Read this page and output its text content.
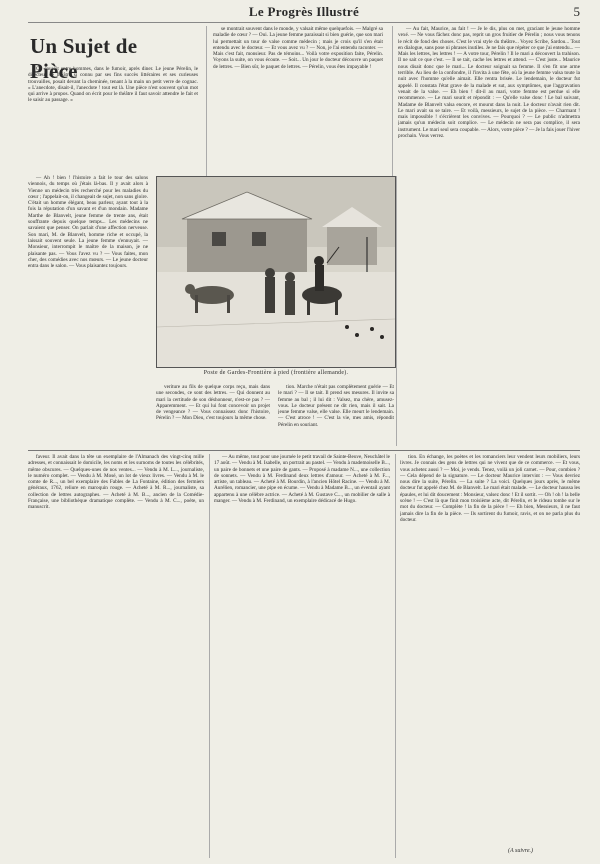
Le Progrès Illustré	5
Un Sujet de Pièce

On causait entre hommes, dans le fumoir, après diner. Le jeune Pérelin, le directeur de théâtre si connu par ses fins succès littéraires et ses curieuses trouvailles, posait devant la cheminée, tenant à la main un petit verre de cognac. « L'anecdote, disait-il, l'anecdote ! tout est là. Une pièce n'est souvent qu'un mot qui arrive à propos. Quand on écrit pour le théâtre il faut savoir attendre le fait et le saisir au passage. »

se montrait souvent dans le monde, y valsait même quelquefois. — Malgré sa maladie de cœur ? — Oui. La jeune femme paraissait si bien guérie, que son mari lui permettait un tour de valse comme médecin ; mais je crois qu'il s'en était entendu avec le docteur. — Et vous avez vu ? — Non, je l'ai entendu raconter. — Mais c'est fait, monsieur. Pas de témoins... Voilà votre exposition faite, Pérelin. Voyons la suite, on vous écoute. — Soit... Un jour le docteur découvre un paquet de lettres. — Bien sûr, le paquet de lettres. — Pérelin, vous êtes impayable !

— Au fait, Maurice, au fait ! — Je le dis, plus on met, graciant le jeune homme vexé. — Ne vous fâchez donc pas, reprit un gros fruitier de Pérelin ; nous vous tenons le récit de fond des choses. C'est le vrai style du théâtre... Voyez Scribe, Sardou... Tout en dialogue, sans pose ni phrases inutiles. Je ne fais que répéter ce que j'ai entendu... — Mais les lettres, les lettres ! — A votre tour, Pérelin ! Il le mari a découvert la trahison. Il ne sait ce que c'est. — Il se tait, cache les lettres et attend. — C'est juste... Maurice nous disait donc que le mari... Le docteur soignait sa femme. Il s'en fit une arme terrible. Au lieu de la confondre, il l'invita à une fête, où la jeune femme valsa toute la nuit avec l'homme qu'elle aimait. Elle rentra brisée. Le lendemain, le docteur fut appelé. Il constata l'état grave de la malade et sut, aux symptômes, que l'aggravation venait de la valse. — Eh bien ! dit-il au mari, votre femme est perdue si elle recommence. — Le mari sourit et répondit : — Qu'elle valse donc ! Le bal suivant, Madame de Blanvelt valsa encore, et mourut dans la nuit. Le docteur n'avait rien dit. Le mari avait su se taire. — Et voilà, messieurs, le sujet de la pièce. — Charmant ! mais impossible ! s'écrièrent les convives. — Pourquoi ? — Le public n'admettra jamais qu'un médecin soit complice. — Le médecin ne sera pas complice, il sera instrument. Le mari seul sera coupable. — Alors, votre pièce ? — Je la fais jouer l'hiver prochain. Vous verrez.

— Ah ! bien ! l'histoire a fait le tour des salons viennois, du temps où j'étais là-bas. Il y avait alors à Vienne un médecin très recherché pour les maladies du cœur ; l'appelait-on, il changeait de sujet, non sans gloire. C'était un homme élégant, beau parleur, ayant tout à la fois la réputation d'un savant et d'un mondain. Madame Marthe de Blanvelt, jeune femme de trente ans, était souffrante depuis quelque temps... Les médecins ne savaient que penser. On parlait d'une affection nerveuse. Son mari, M. de Blanvelt, homme riche et occupé, la laissait souvent seule. La jeune femme s'ennuyait. — Monsieur, interrompit le maître de la maison, je ne plaisante pas. — Vous l'avez vu ? — Vous faites, mon cher, des comédies avec nos mœurs. — Le jeune docteur entra dans le salon. — Vous plaisantez toujours.

Poste de Gardes-Frontière à pied (frontière allemande).

veriture au fils de quelque corps reçu, mais dans une secondes, ce sont des lettres. — Qui donnent au mari la certitude de son déshonneur, n'est-ce pas ? — Apparemment. — Et qui lui font concevoir un projet de vengeance ? — Vous connaissez donc l'histoire, Pérelin ? — Mon Dieu, c'est toujours la même chose.

tion. Marche n'était pas complètement guérie — Et le mari ? — Il se tait. Il prend ses mesures. Il invite sa femme au bal ; il lui dit : Valsez, ma chère, amusez-vous. Le docteur présent ne dit rien, mais il sait. La jeune femme valse, elle valse. Elle meurt le lendemain. — C'est atroce ! — C'est la vie, mes amis, répondit Pérelin en souriant.

faveur. Il avait dans la tête un exemplaire de l'Almanach des vingt-cinq mille adresses, et connaissait le domicile, les noms et les surnoms de toutes les célébrités, même obscures. — Quelques-unes de nos ventes... — Vendu à M. L..., journaliste, le numéro complet. — Vendu à M. Mosé, un lot de vieux livres. — Vendu à M. le comte de R..., un bel exemplaire des Fables de La Fontaine, édition des fermiers généraux, 1762, reliure en maroquin rouge. — Acheté à M. R..., journaliste, sa collection de lettres autographes. — Acheté à M. B..., ancien de la Comédie-Française, une bibliothèque dramatique complète. — Vendu à M. C..., poète, un manuscrit.

— Au même, tout pour une journée le petit travail de Sainte-Beuve, Neuchâtel le 17 août. — Vendu à M. Isabelle, un portrait au pastel. — Vendu à mademoiselle B..., un paire de bonnets et une paire de gants. — Proposé à madame N..., une collection de sonnets. — Vendu à M. Ferdinand deux lettres d'amour. — Acheté à M. F..., artiste, un tableau. — Acheté à M. Bourdin, à l'ancien Hôtel Racine. — Vendu à M. Aurélien, romancier, une pipe en écume. — Vendu à Madame B..., un éventail ayant appartenu à une célèbre actrice. — Acheté à M. Gustave C..., un mobilier de salle à manger. — Vendu à M. Ferdinand, un exemplaire dédicacé de Hugo.

tion. En échange, les poètes et les romanciers leur vendent leurs mobiliers, leurs livres. Je connais des gens de lettres qui ne vivent que de ce commerce. — Et vous, vous achetez aussi ? — Moi, je vends. Tenez, voilà un joli carnet. — Pour, combien ? — Cela dépend de la signature. — Le docteur Maurice intervint : — Vous devriez nous dire la suite, Pérelin. — La suite ? La voici. Quelques jours après, le même docteur fut appelé chez M. de Blanvelt. Le mari était malade. — Le docteur haussa les épaules, et lui dit doucement : Monsieur, valsez donc ! Et il sortit. — Oh ! oh ! la belle scène ! — C'est là que finit mon troisième acte, dit Pérelin, et le rideau tombe sur le mot du docteur. — Complète ! la fin de la pièce ! — Eh bien, Messieurs, il ne faut jamais dire la fin de la pièce. — Ils sortirent du fumoir, ravis, et on ne parla plus du docteur.

(A suivre.)
